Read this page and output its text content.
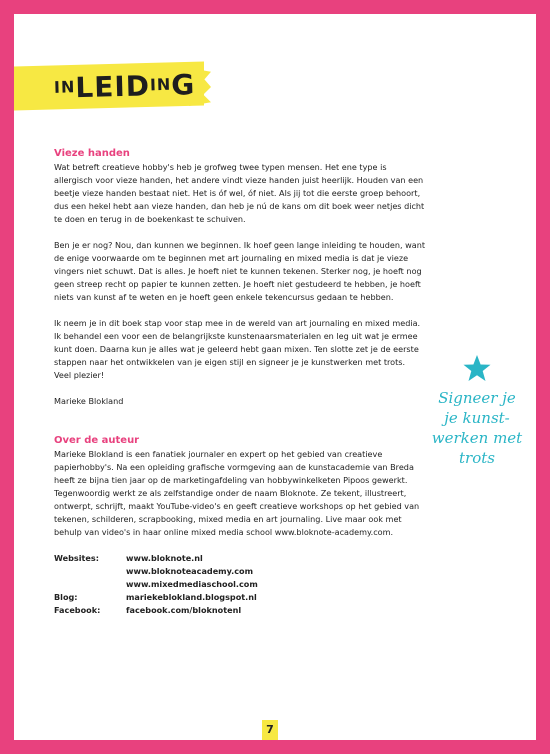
INLEIDING
Vieze handen

Wat betreft creatieve hobby's heb je grofweg twee typen mensen. Het ene type is allergisch voor vieze handen, het andere vindt vieze handen juist heerlijk. Houden van een beetje vieze handen bestaat niet. Het is óf wel, óf niet. Als jij tot die eerste groep behoort, dus een hekel hebt aan vieze handen, dan heb je nú de kans om dit boek weer netjes dicht te doen en terug in de boekenkast te schuiven.

Ben je er nog? Nou, dan kunnen we beginnen. Ik hoef geen lange inleiding te houden, want de enige voorwaarde om te beginnen met art journaling en mixed media is dat je vieze vingers niet schuwt. Dat is alles. Je hoeft niet te kunnen tekenen. Sterker nog, je hoeft nog geen streep recht op papier te kunnen zetten. Je hoeft niet gestudeerd te hebben, je hoeft niets van kunst af te weten en je hoeft geen enkele tekencursus gedaan te hebben.

Ik neem je in dit boek stap voor stap mee in de wereld van art journaling en mixed media. Ik behandel een voor een de belangrijkste kunstenaarsmaterialen en leg uit wat je ermee kunt doen. Daarna kun je alles wat je geleerd hebt gaan mixen. Ten slotte zet je de eerste stappen naar het ontwikkelen van je eigen stijl en signeer je je kunstwerken met trots.

Veel plezier!

Marieke Blokland

Over de auteur

Marieke Blokland is een fanatiek journaler en expert op het gebied van creatieve papierhobby's. Na een opleiding grafische vormgeving aan de kunstacademie van Breda heeft ze bijna tien jaar op de marketingafdeling van hobbywinkelketen Pipoos gewerkt. Tegenwoordig werkt ze als zelfstandige onder de naam Bloknote. Ze tekent, illustreert, ontwerpt, schrijft, maakt YouTube-video's en geeft creatieve workshops op het gebied van tekenen, schilderen, scrapbooking, mixed media en art journaling. Live maar ook met behulp van video's in haar online mixed media school www.bloknote-academy.com.

Websites:	www.bloknote.nl
	www.bloknoteacademy.com
	www.mixedmediaschool.com
Blog:	mariekeblokland.blogspot.nl
Facebook:	facebook.com/bloknotenl
Signeer je
je kunst-
werken met
trots
7
